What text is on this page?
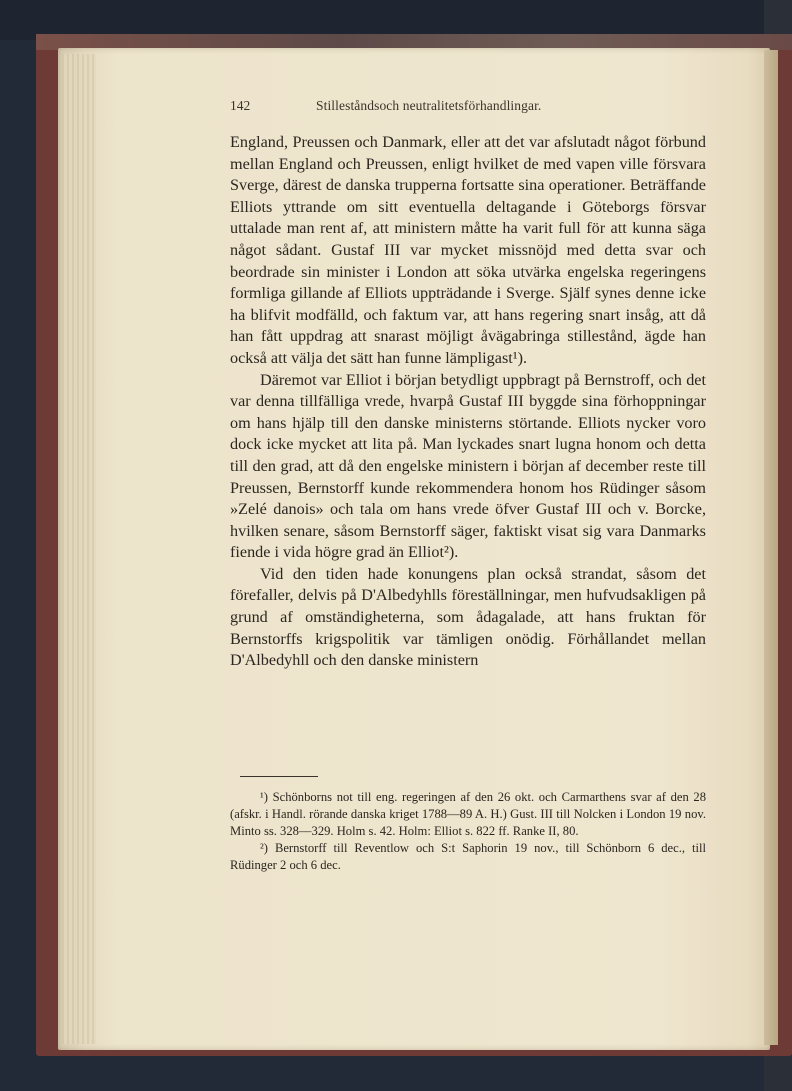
142	Stilleståndsoch neutralitetsförhandlingar.

England, Preussen och Danmark, eller att det var afslutadt något förbund mellan England och Preussen, enligt hvilket de med vapen ville försvara Sverge, därest de danska trupperna fortsatte sina operationer. Beträffande Elliots yttrande om sitt eventuella deltagande i Göteborgs försvar uttalade man rent af, att ministern måtte ha varit full för att kunna säga något sådant. Gustaf III var mycket missnöjd med detta svar och beordrade sin minister i London att söka utvärka engelska regeringens formliga gillande af Elliots uppträdande i Sverge. Själf synes denne icke ha blifvit modfälld, och faktum var, att hans regering snart insåg, att då han fått uppdrag att snarast möjligt åvägabringa stillestånd, ägde han också att välja det sätt han funne lämpligast¹).

Däremot var Elliot i början betydligt uppbragt på Bernstroff, och det var denna tillfälliga vrede, hvarpå Gustaf III byggde sina förhoppningar om hans hjälp till den danske ministerns störtande. Elliots nycker voro dock icke mycket att lita på. Man lyckades snart lugna honom och detta till den grad, att då den engelske ministern i början af december reste till Preussen, Bernstorff kunde rekommendera honom hos Rüdinger såsom »Zelé danois» och tala om hans vrede öfver Gustaf III och v. Borcke, hvilken senare, såsom Bernstorff säger, faktiskt visat sig vara Danmarks fiende i vida högre grad än Elliot²).

Vid den tiden hade konungens plan också strandat, såsom det förefaller, delvis på D'Albedyhlls föreställningar, men hufvudsakligen på grund af omständigheterna, som ådagalade, att hans fruktan för Bernstorffs krigspolitik var tämligen onödig. Förhållandet mellan D'Albedyhll och den danske ministern

¹) Schönborns not till eng. regeringen af den 26 okt. och Carmarthens svar af den 28 (afskr. i Handl. rörande danska kriget 1788—89 A. H.) Gust. III till Nolcken i London 19 nov. Minto ss. 328—329. Holm s. 42. Holm: Elliot s. 822 ff. Ranke II, 80.

²) Bernstorff till Reventlow och S:t Saphorin 19 nov., till Schönborn 6 dec., till Rüdinger 2 och 6 dec.
